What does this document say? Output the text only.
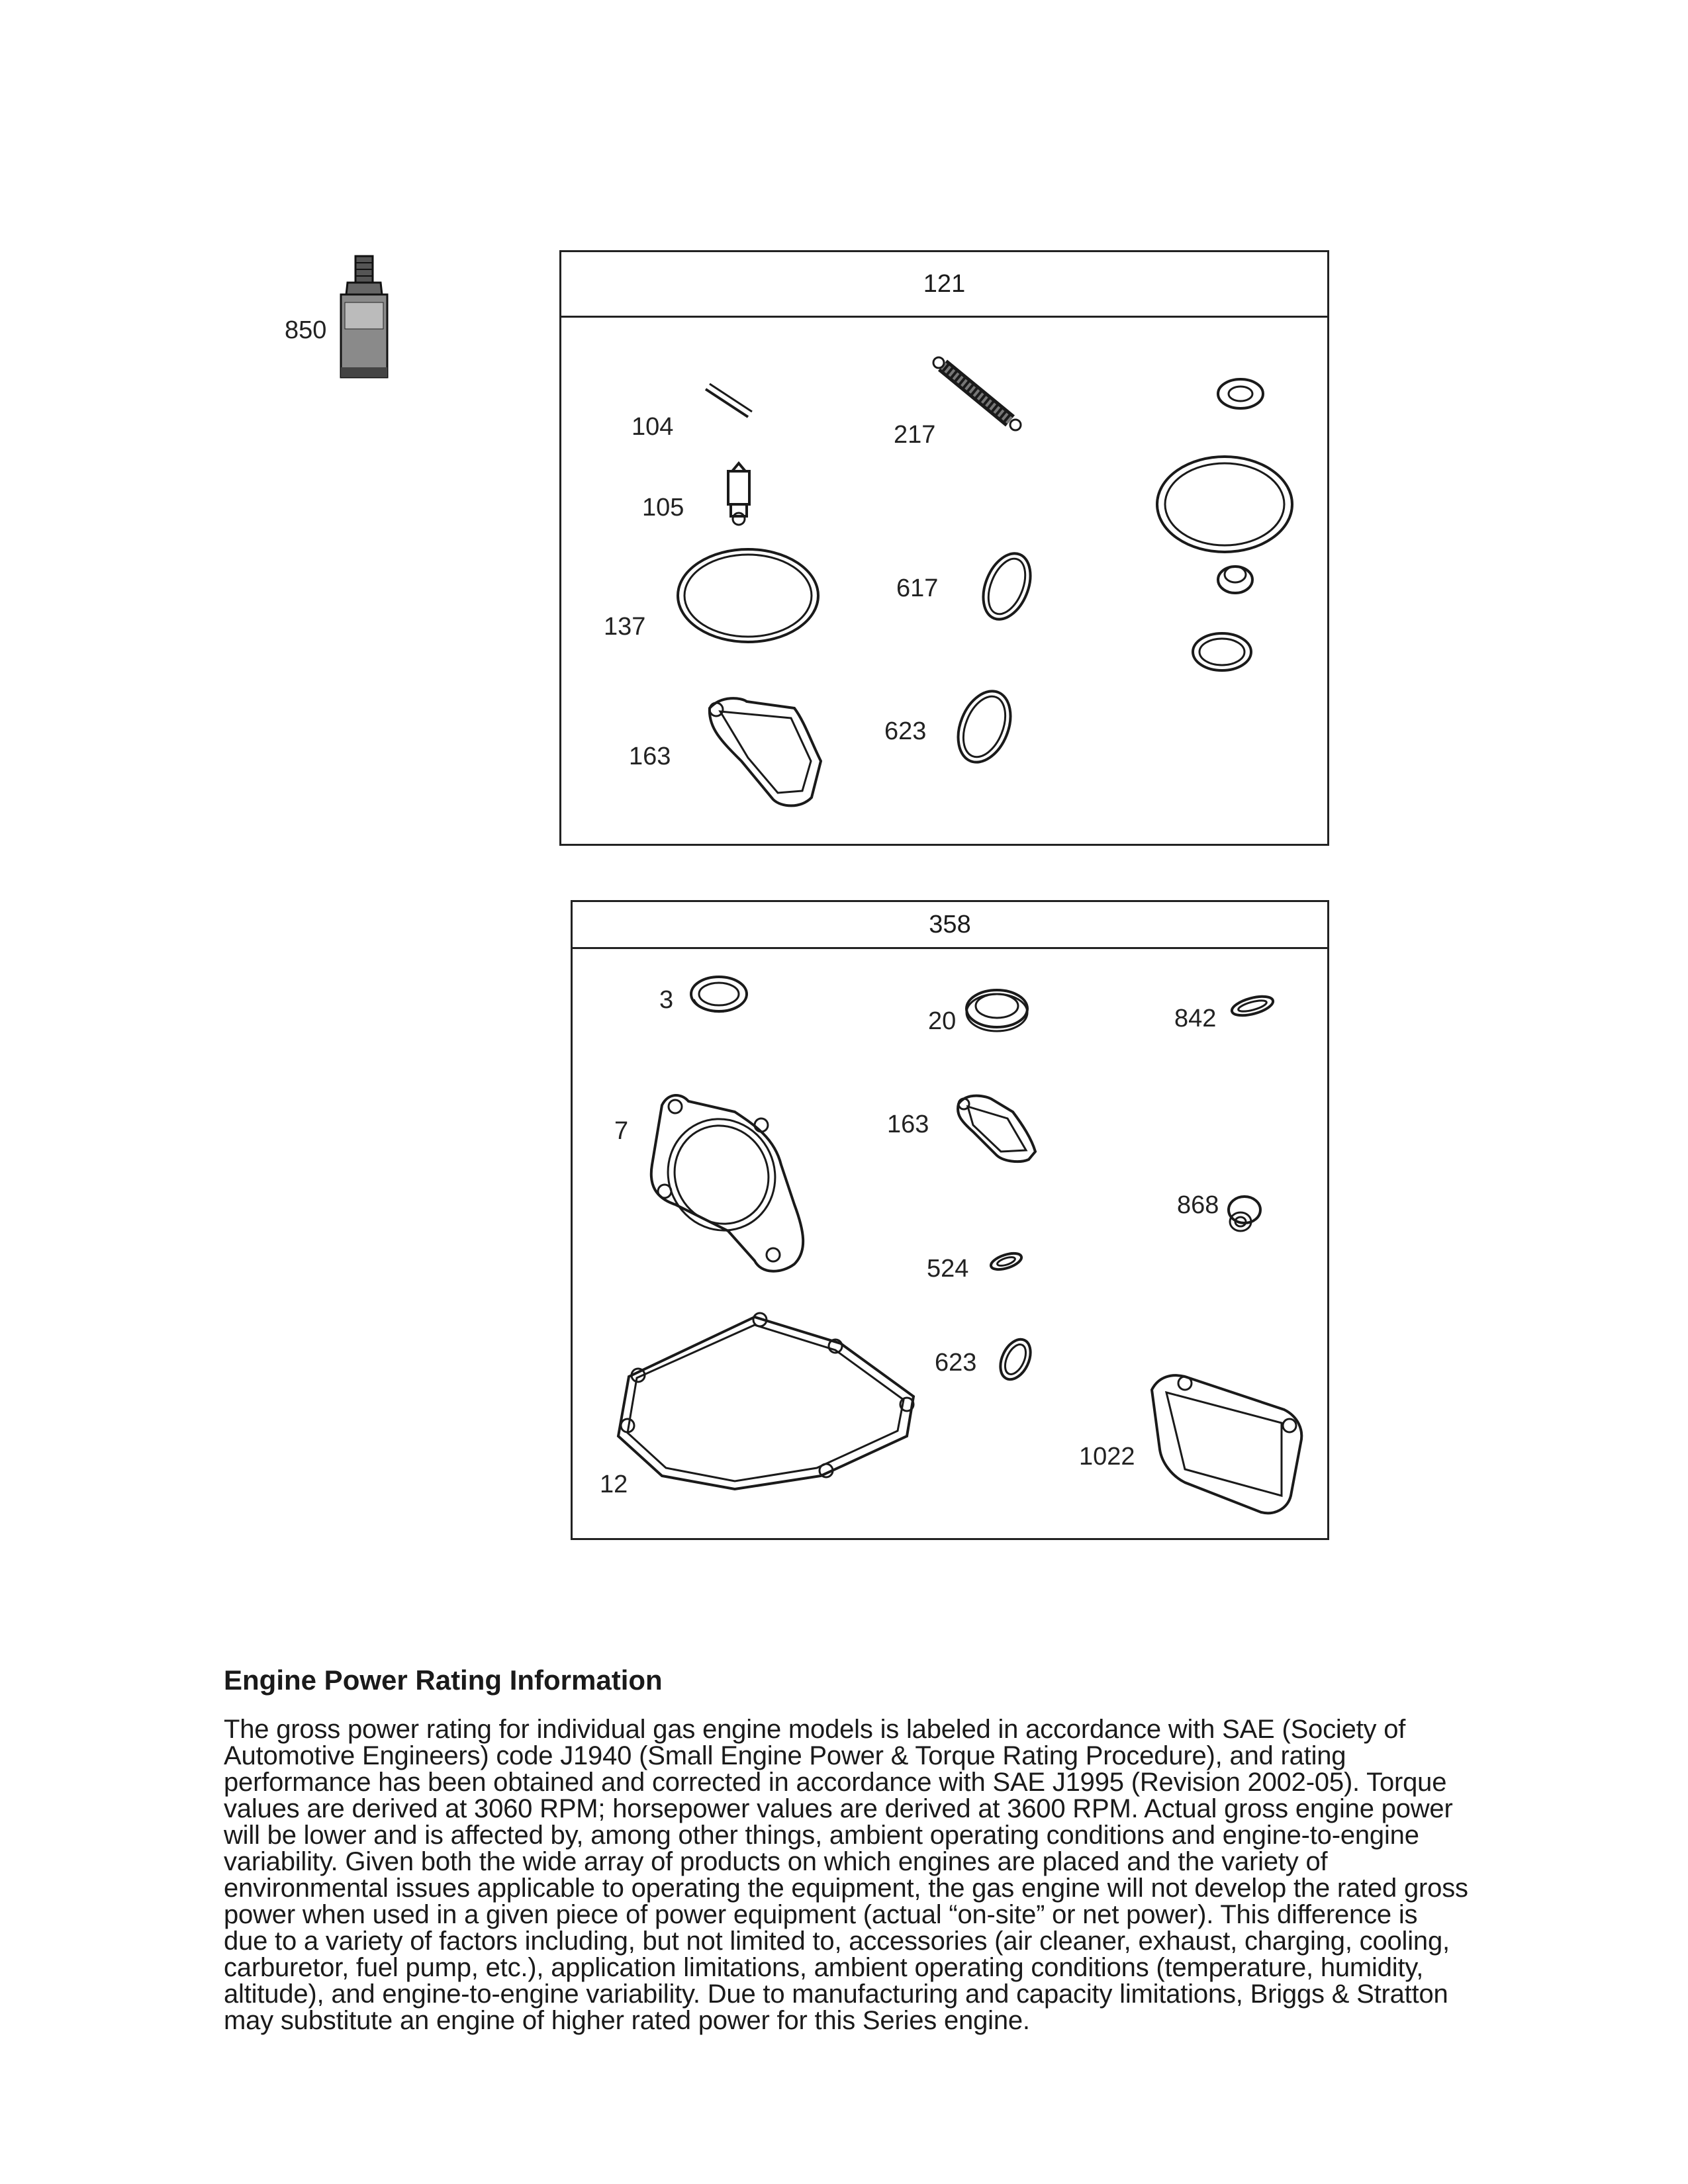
850
121
104
105
137
163
217
617
623
358
3
7
12
20
163
524
623
842
868
1022
Engine Power Rating Information

The gross power rating for individual gas engine models is labeled in accordance with SAE (Society of Automotive Engineers) code J1940 (Small Engine Power & Torque Rating Procedure), and rating performance has been obtained and corrected in accordance with SAE J1995 (Revision 2002-05). Torque values are derived at 3060 RPM; horsepower values are derived at 3600 RPM. Actual gross engine power will be lower and is affected by, among other things, ambient operating conditions and engine-to-engine variability. Given both the wide array of products on which engines are placed and the variety of environmental issues applicable to operating the equipment, the gas engine will not develop the rated gross power when used in a given piece of power equipment (actual “on-site” or net power). This difference is due to a variety of factors including, but not limited to, accessories (air cleaner, exhaust, charging, cooling, carburetor, fuel pump, etc.), application limitations, ambient operating conditions (temperature, humidity, altitude), and engine-to-engine variability. Due to manufacturing and capacity limitations, Briggs & Stratton may substitute an engine of higher rated power for this Series engine.
